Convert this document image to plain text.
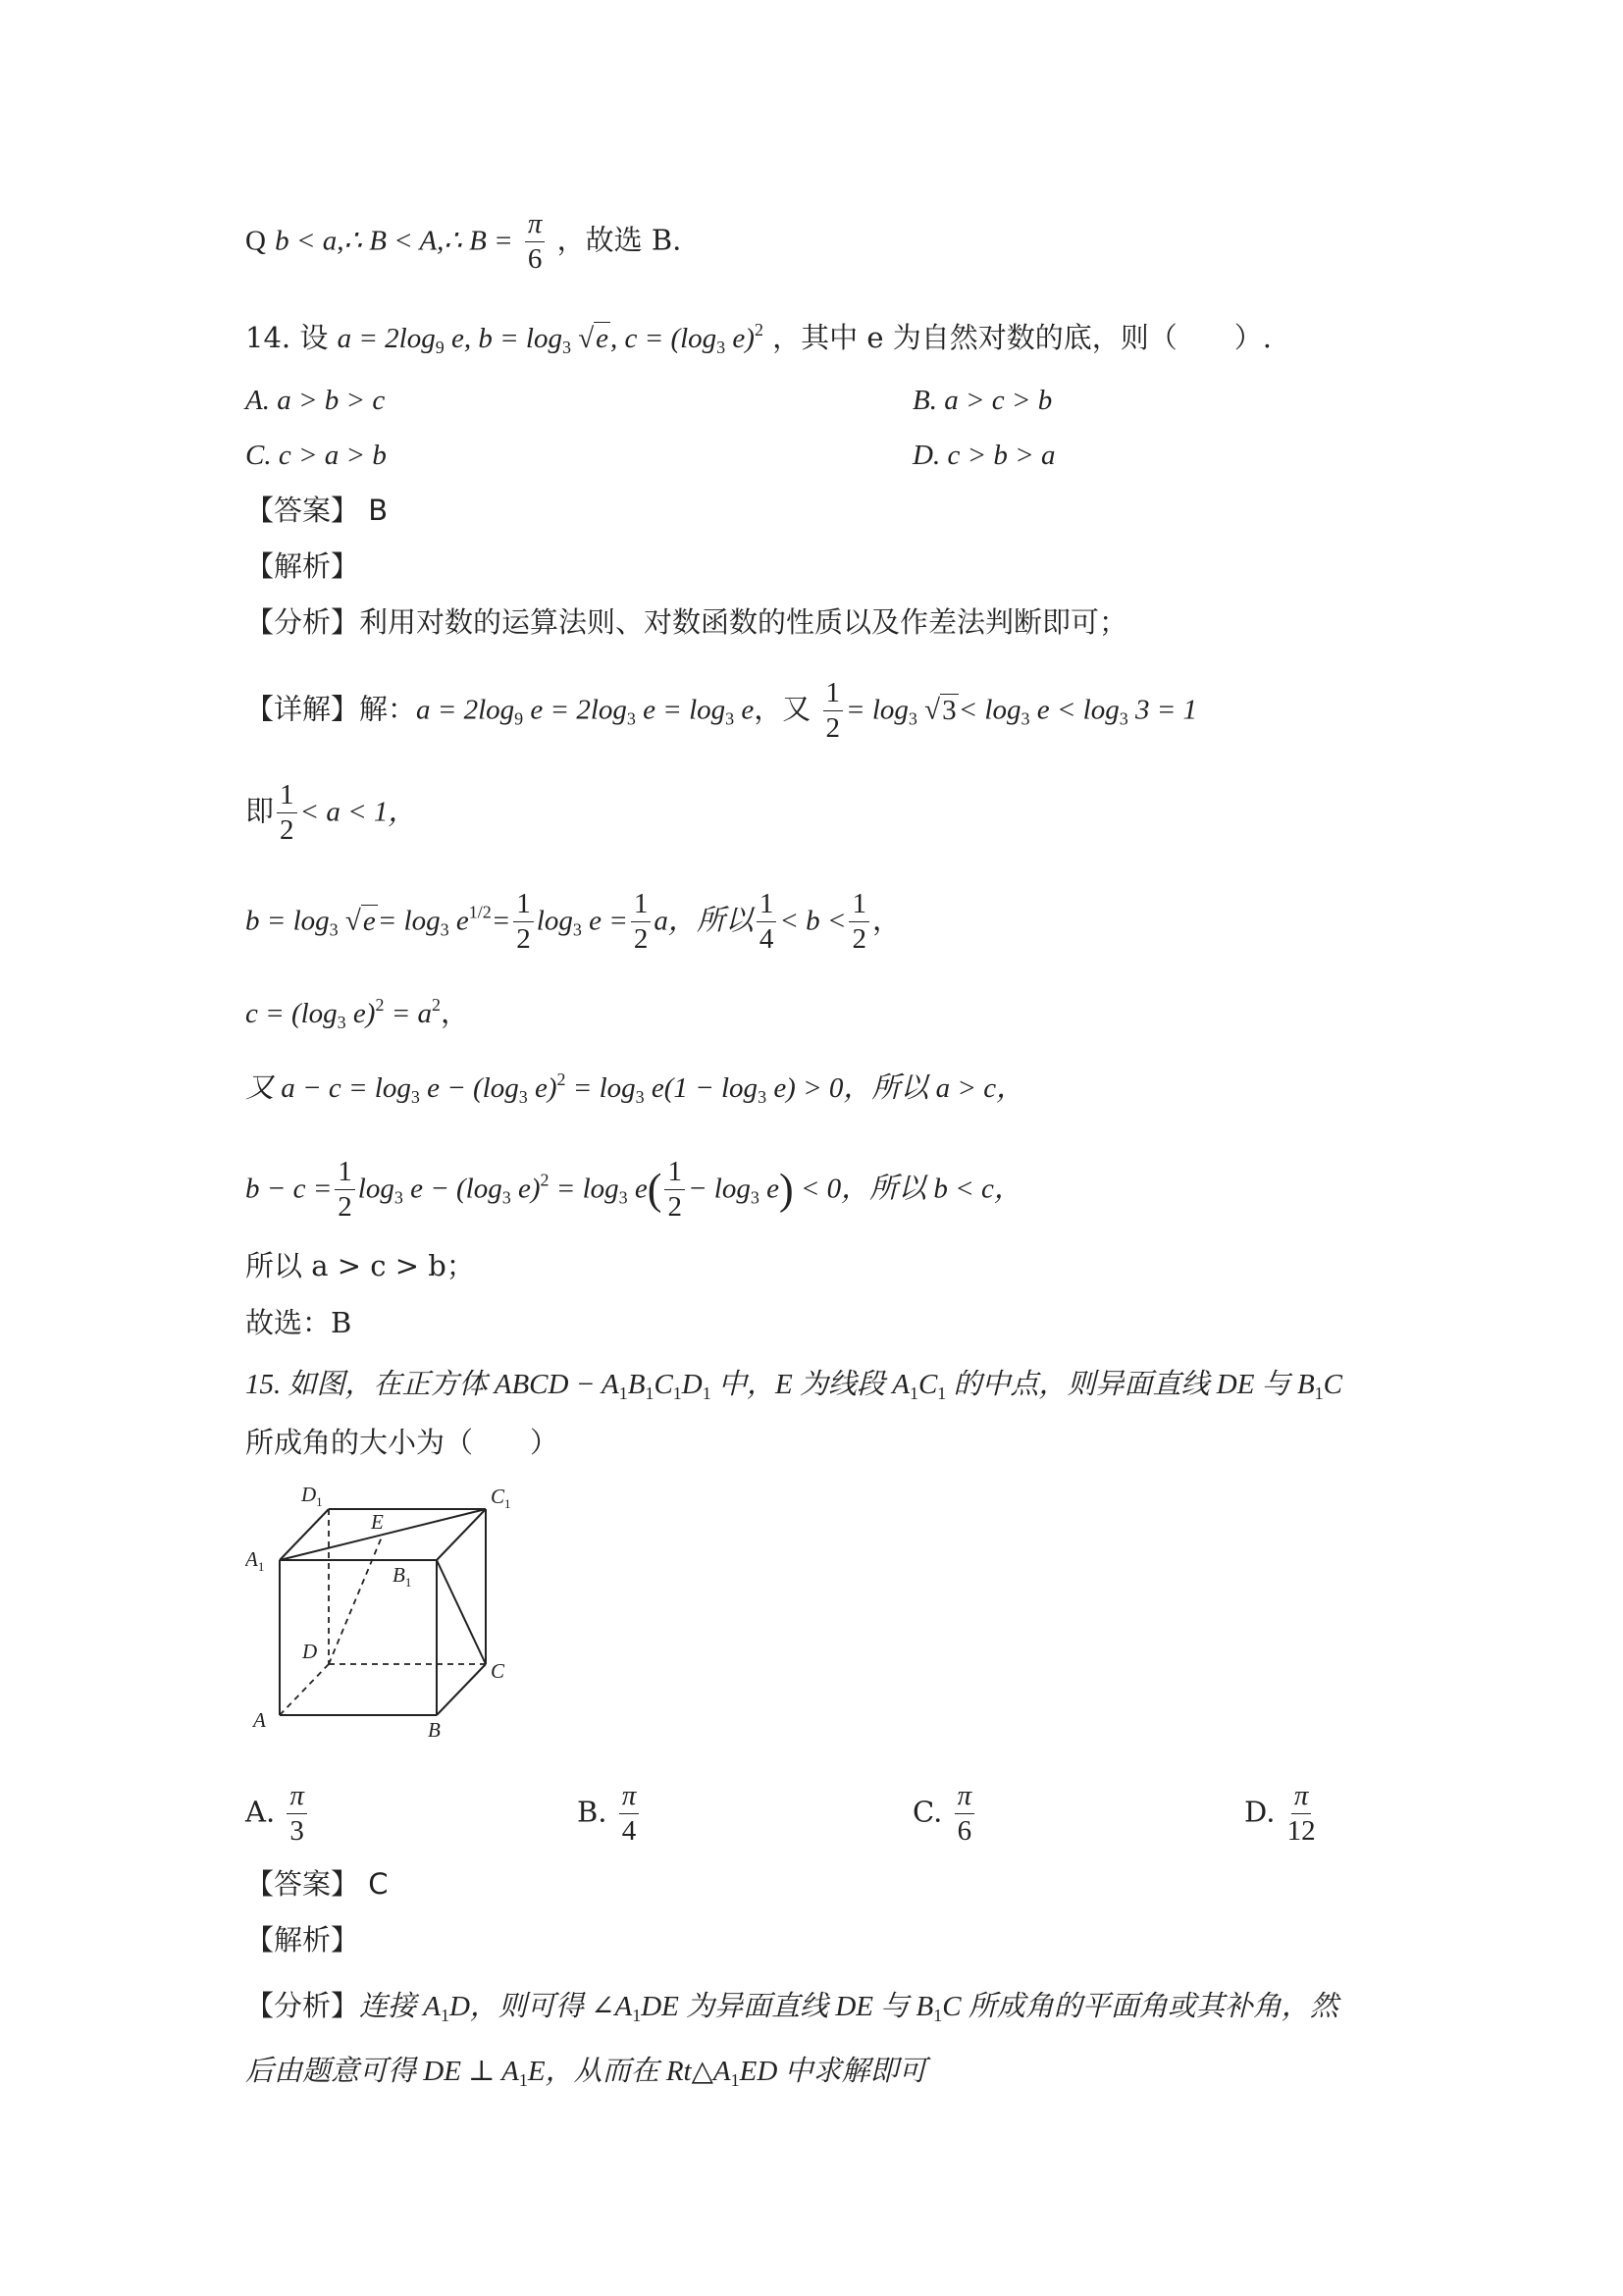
Q b < a,∴ B < A,∴ $B = \frac{\pi}{6}$ ，故选 B.
14. 设 $a = 2\log_9$ e, $b = \log_3 √e$, $c = (\log_3$ e)$^2$ ，其中 e 为自然对数的底，则（　　）.
A. a > b > c	B. a > c > b
C. c > a > b	D. c > b > a
【答案】 B
【解析】
【分析】利用对数的运算法则、对数函数的性质以及作差法判断即可；
【详解】解：$a = 2\log_9$ $e = 2\log_3$ $e = \log_3 e$，又 $\frac{1}{2} = \log_3 √3< \log_3 e < \log_3 3 = 1$
即 $\frac{1}{2} < a < 1$，
$b = \log_3 √e= \log_3 e^{1/2}= \frac{1}{2} \log_3 e = \frac{1}{2}$ a，所以 $\frac{1}{4} < b < \frac{1}{2}$ ，
$c = (\log_3$ $e)^2 = a^2$，
又 $a - c = \log_3 e - (\log_3$ $e)^2 = \log_3 e(1 - \log_3 e) > 0$，所以 a > c，
$b - c = \frac{1}{2} \log_3 e - (\log_3$ $e)^2 = \log_3 e( \frac{1}{2} - \log_3 e) < 0$，所以 b < c，
所以 a > c > b；
故选：B
15. 如图，在正方体 ABCD − $A_1B_1C_1D_1$ 中，E 为线段 $A_1C_1$ 的中点，则异面直线 DE 与 $B_1C$
所成角的大小为（　　）
$D_1$	$C_1$
E
$A_1$	$B_1$
D
C
A	B
A. $\frac{\pi}{3}$	B. $\frac{\pi}{4}$	C. $\frac{\pi}{6}$	D. $\frac{\pi}{12}$
【答案】 C
【解析】
【分析】连接 $A_1D$，则可得 $\angle A_1DE$ 为异面直线 DE 与 $B_1C$ 所成角的平面角或其补角，然
后由题意可得 DE ⊥ $A_1E$，从而在 $Rt\triangle A_1ED$ 中求解即可
